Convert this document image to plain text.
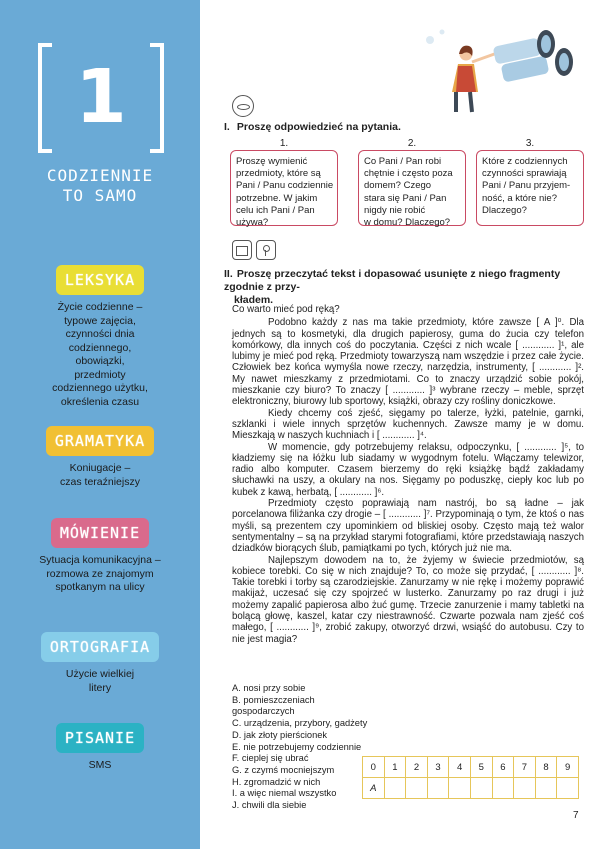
1
CODZIENNIE
TO SAMO
LEKSYKA
Życie codzienne –
typowe zajęcia,
czynności dnia
codziennego,
obowiązki,
przedmioty
codziennego użytku,
określenia czasu
GRAMATYKA
Koniugacje –
czas teraźniejszy
MÓWIENIE
Sytuacja komunikacyjna –
rozmowa ze znajomym
spotkanym na ulicy
ORTOGRAFIA
Użycie wielkiej
litery
PISANIE
SMS
I. Proszę odpowiedzieć na pytania.
1.
Proszę wymienić
przedmioty, które są
Pani / Panu codziennie
potrzebne. W jakim
celu ich Pani / Pan
używa?
2.
Co Pani / Pan robi
chętnie i często poza
domem? Czego
stara się Pani / Pan
nigdy nie robić
w domu? Dlaczego?
3.
Które z codziennych
czynności sprawiają
Pani / Panu przyjem-
ność, a które nie?
Dlaczego?
II. Proszę przeczytać tekst i dopasować usunięte z niego fragmenty zgodnie z przy-
kładem.
Co warto mieć pod ręką?

Podobno każdy z nas ma takie przedmioty, które zawsze [ A ]⁰. Dla jednych są to kosmetyki, dla drugich papierosy, guma do żucia czy telefon komórkowy, dla innych coś do poczytania. Części z nich wcale [ ............ ]¹, ale lubimy je mieć pod ręką. Przedmioty towarzyszą nam wszędzie i przez całe życie. Człowiek bez końca wymyśla nowe rzeczy, narzędzia, instrumenty, [ ............ ]². My nawet mieszkamy z przedmiotami. Co to znaczy urządzić sobie pokój, mieszkanie czy biuro? To znaczy [ ............ ]³ wybrane rzeczy – meble, sprzęt elektroniczny, biurowy lub sportowy, książki, obrazy czy rośliny doniczkowe.

Kiedy chcemy coś zjeść, sięgamy po talerze, łyżki, patelnie, garnki, szklanki i wiele innych sprzętów kuchennych. Zawsze mamy je w domu. Mieszkają w naszych kuchniach i [ ............ ]⁴.

W momencie, gdy potrzebujemy relaksu, odpoczynku, [ ............ ]⁵, to kładziemy się na łóżku lub siadamy w wygodnym fotelu. Włączamy telewizor, radio albo komputer. Czasem bierzemy do ręki książkę bądź zakładamy słuchawki na uszy, a okulary na nos. Sięgamy po poduszkę, ciepły koc lub po kubek z kawą, herbatą, [ ............ ]⁶.

Przedmioty często poprawiają nam nastrój, bo są ładne – jak porcelanowa filiżanka czy drogie – [ ............ ]⁷. Przypominają o tym, że ktoś o nas myśli, są prezentem czy upominkiem od bliskiej osoby. Często mają też walor sentymentalny – są na przykład starymi fotografiami, które przedstawiają naszych dziadków biorących ślub, pamiątkami po tych, których już nie ma.

Najlepszym dowodem na to, że żyjemy w świecie przedmiotów, są kobiece torebki. Co się w nich znajduje? To, co może się przydać, [ ............ ]⁸. Takie torebki i torby są czarodziejskie. Zanurzamy w nie rękę i możemy poprawić makijaż, uczesać się czy spojrzeć w lusterko. Zanurzamy po raz drugi i już możemy zapalić papierosa albo żuć gumę. Trzecie zanurzenie i mamy tabletki na bolącą głowę, kaszel, katar czy niestrawność. Czwarte pozwala nam zjeść coś małego, [ ............ ]⁹, zrobić zakupy, otworzyć drzwi, wsiąść do autobusu. Czy to nie jest magia?

A. nosi przy sobie
B. pomieszczeniach gospodarczych
C. urządzenia, przybory, gadżety
D. jak złoty pierścionek
E. nie potrzebujemy codziennie
F. cieplej się ubrać
G. z czymś mocniejszym
H. zgromadzić w nich
I. a więc niemal wszystko
J. chwili dla siebie
0	1	2	3	4	5	6	7	8	9
A									
7
